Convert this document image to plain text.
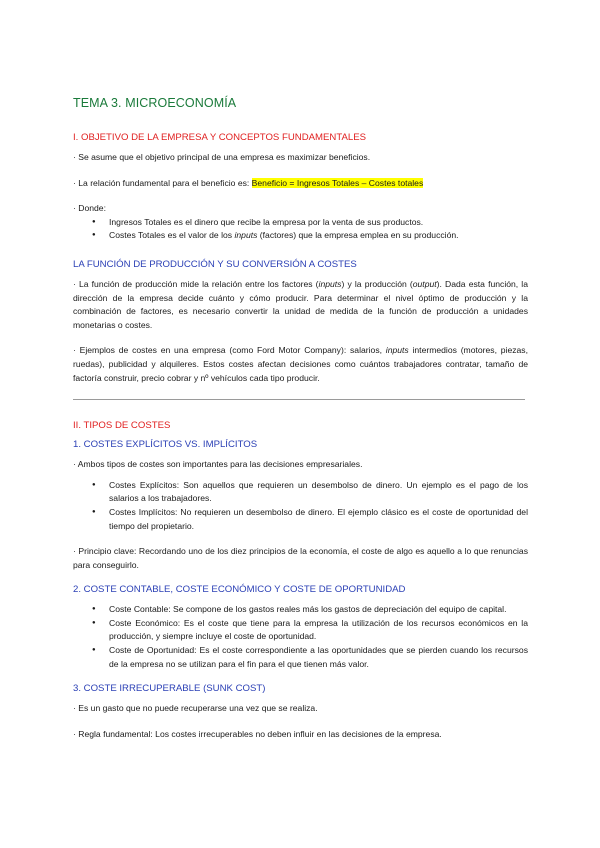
TEMA 3. MICROECONOMÍA
I. OBJETIVO DE LA EMPRESA Y CONCEPTOS FUNDAMENTALES

· Se asume que el objetivo principal de una empresa es maximizar beneficios.

· La relación fundamental para el beneficio es: Beneficio = Ingresos Totales – Costes totales

· Donde:

● Ingresos Totales es el dinero que recibe la empresa por la venta de sus productos.
● Costes Totales es el valor de los inputs (factores) que la empresa emplea en su producción.
LA FUNCIÓN DE PRODUCCIÓN Y SU CONVERSIÓN A COSTES

· La función de producción mide la relación entre los factores (inputs) y la producción (output). Dada esta función, la dirección de la empresa decide cuánto y cómo producir. Para determinar el nivel óptimo de producción y la combinación de factores, es necesario convertir la unidad de medida de la función de producción a unidades monetarias o costes.

· Ejemplos de costes en una empresa (como Ford Motor Company): salarios, inputs intermedios (motores, piezas, ruedas), publicidad y alquileres. Estos costes afectan decisiones como cuántos trabajadores contratar, tamaño de factoría construir, precio cobrar y nº vehículos cada tipo producir.

II. TIPOS DE COSTES
1. COSTES EXPLÍCITOS VS. IMPLÍCITOS

· Ambos tipos de costes son importantes para las decisiones empresariales.

● Costes Explícitos: Son aquellos que requieren un desembolso de dinero. Un ejemplo es el pago de los salarios a los trabajadores.
● Costes Implícitos: No requieren un desembolso de dinero. El ejemplo clásico es el coste de oportunidad del tiempo del propietario.

· Principio clave: Recordando uno de los diez principios de la economía, el coste de algo es aquello a lo que renuncias para conseguirlo.

2. COSTE CONTABLE, COSTE ECONÓMICO Y COSTE DE OPORTUNIDAD
● Coste Contable: Se compone de los gastos reales más los gastos de depreciación del equipo de capital.
● Coste Económico: Es el coste que tiene para la empresa la utilización de los recursos económicos en la producción, y siempre incluye el coste de oportunidad.
● Coste de Oportunidad: Es el coste correspondiente a las oportunidades que se pierden cuando los recursos de la empresa no se utilizan para el fin para el que tienen más valor.
3. COSTE IRRECUPERABLE (SUNK COST)

· Es un gasto que no puede recuperarse una vez que se realiza.

· Regla fundamental: Los costes irrecuperables no deben influir en las decisiones de la empresa.
